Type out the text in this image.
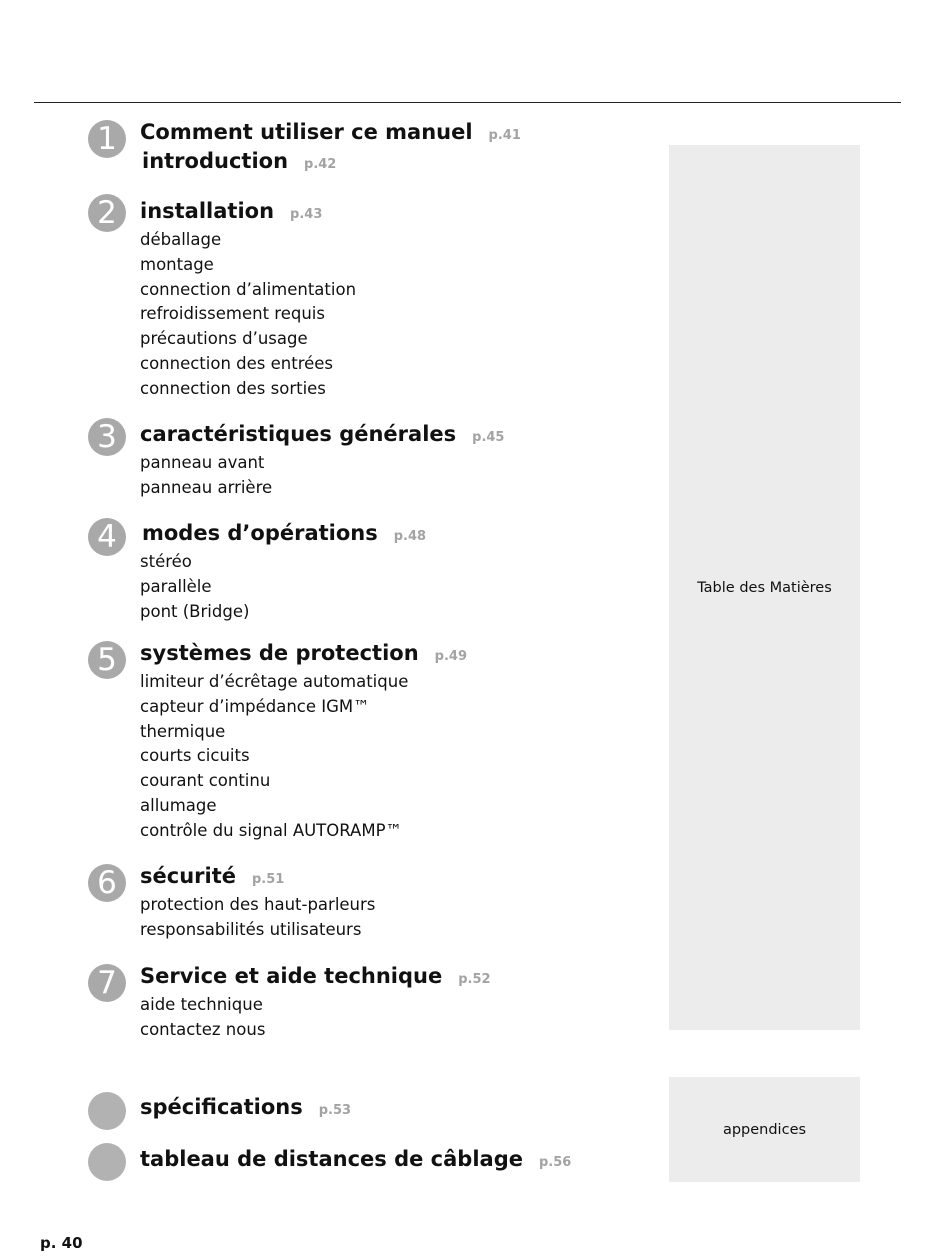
1	Comment utiliser ce manuel p.41
introduction p.42
2	installation p.43
déballage
montage
connection d’alimentation
refroidissement requis
précautions d’usage
connection des entrées
connection des sorties
3	caractéristiques générales p.45
panneau avant
panneau arrière
4	modes d’opérations p.48
stéréo
parallèle
pont (Bridge)
5	systèmes de protection p.49
limiteur d’écrêtage automatique
capteur d’impédance IGM™
thermique
courts cicuits
courant continu
allumage
contrôle du signal AUTORAMP™
6	sécurité p.51
protection des haut-parleurs
responsabilités utilisateurs
7	Service et aide technique p.52
aide technique
contactez nous
spécifications p.53
tableau de distances de câblage p.56
Table des Matières
appendices
p. 40
